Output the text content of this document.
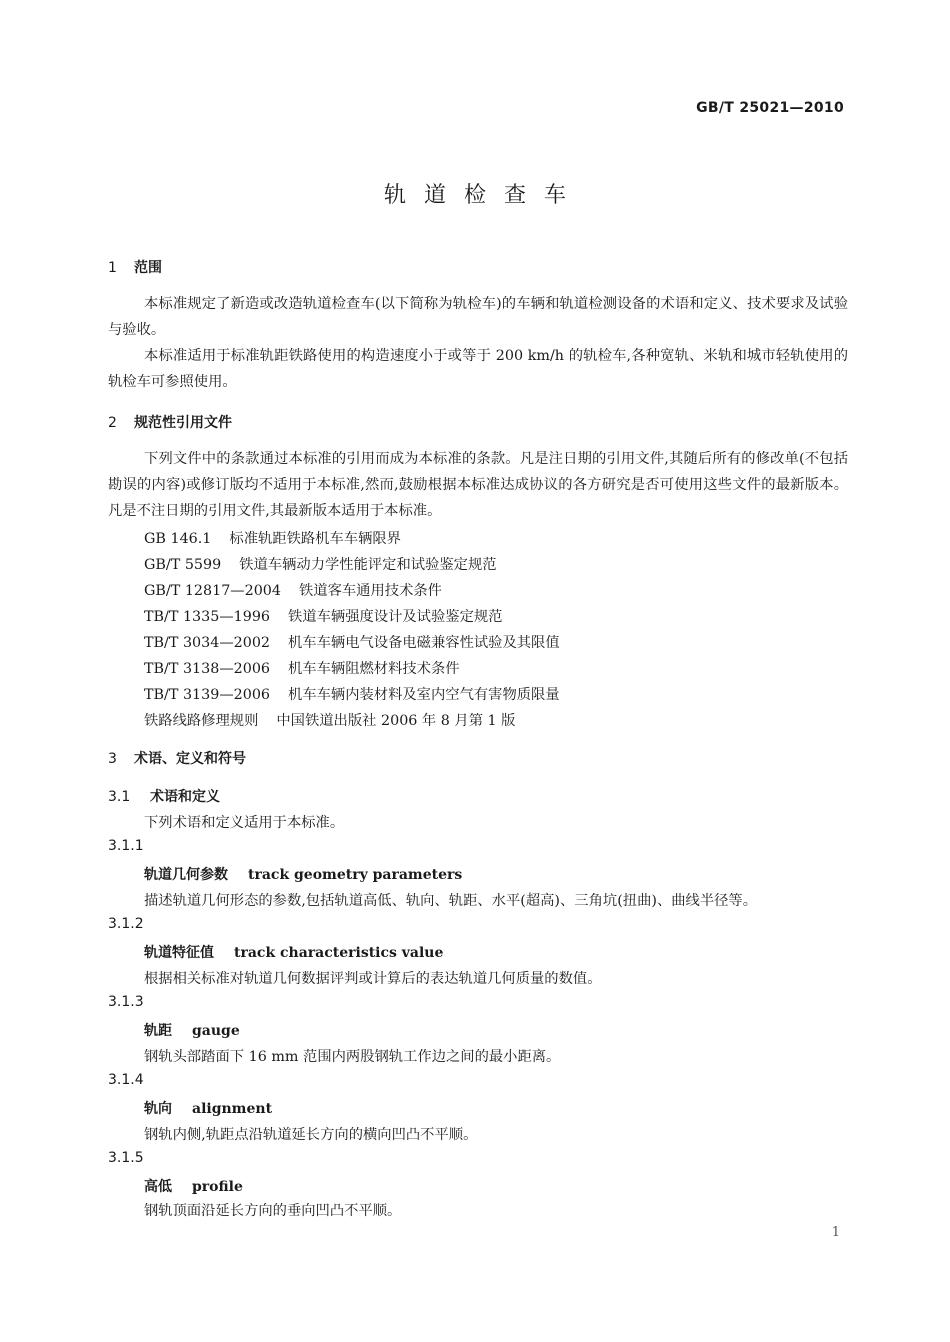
GB/T 25021—2010
轨道检查车
1 范围
本标准规定了新造或改造轨道检查车(以下简称为轨检车)的车辆和轨道检测设备的术语和定义、技术要求及试验与验收。
本标准适用于标准轨距铁路使用的构造速度小于或等于 200 km/h 的轨检车,各种宽轨、米轨和城市轻轨使用的轨检车可参照使用。
2 规范性引用文件
下列文件中的条款通过本标准的引用而成为本标准的条款。凡是注日期的引用文件,其随后所有的修改单(不包括勘误的内容)或修订版均不适用于本标准,然而,鼓励根据本标准达成协议的各方研究是否可使用这些文件的最新版本。凡是不注日期的引用文件,其最新版本适用于本标准。
GB 146.1 标准轨距铁路机车车辆限界
GB/T 5599 铁道车辆动力学性能评定和试验鉴定规范
GB/T 12817—2004 铁道客车通用技术条件
TB/T 1335—1996 铁道车辆强度设计及试验鉴定规范
TB/T 3034—2002 机车车辆电气设备电磁兼容性试验及其限值
TB/T 3138—2006 机车车辆阻燃材料技术条件
TB/T 3139—2006 机车车辆内装材料及室内空气有害物质限量
铁路线路修理规则 中国铁道出版社 2006 年 8 月第 1 版
3 术语、定义和符号
3.1 术语和定义
下列术语和定义适用于本标准。
3.1.1
轨道几何参数 track geometry parameters
描述轨道几何形态的参数,包括轨道高低、轨向、轨距、水平(超高)、三角坑(扭曲)、曲线半径等。
3.1.2
轨道特征值 track characteristics value
根据相关标准对轨道几何数据评判或计算后的表达轨道几何质量的数值。
3.1.3
轨距 gauge
钢轨头部踏面下 16 mm 范围内两股钢轨工作边之间的最小距离。
3.1.4
轨向 alignment
钢轨内侧,轨距点沿轨道延长方向的横向凹凸不平顺。
3.1.5
高低 profile
钢轨顶面沿延长方向的垂向凹凸不平顺。
1
